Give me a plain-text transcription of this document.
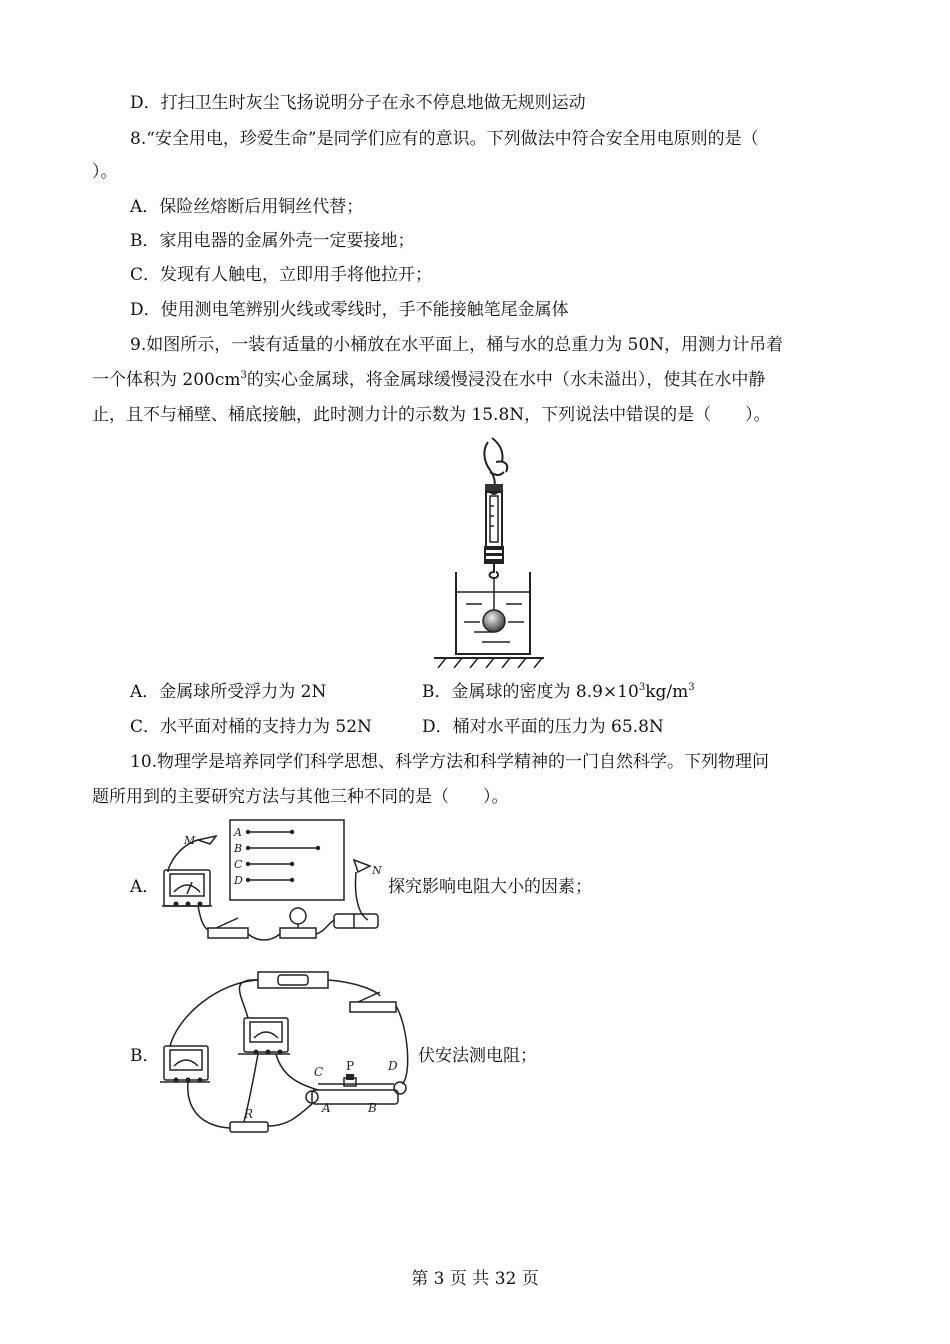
D．打扫卫生时灰尘飞扬说明分子在永不停息地做无规则运动
8.“安全用电，珍爱生命”是同学们应有的意识。下列做法中符合安全用电原则的是（
）。
A．保险丝熔断后用铜丝代替；
B．家用电器的金属外壳一定要接地；
C．发现有人触电，立即用手将他拉开；
D．使用测电笔辨别火线或零线时，手不能接触笔尾金属体
9.如图所示，一装有适量的小桶放在水平面上，桶与水的总重力为 50N，用测力计吊着
一个体积为 $200cm^3$的实心金属球，将金属球缓慢浸没在水中（水未溢出），使其在水中静
止，且不与桶壁、桶底接触，此时测力计的示数为 15.8N，下列说法中错误的是（　　）。
A．金属球所受浮力为 2N	B．金属球的密度为 $8.9\times 10^3kg/m^3$
C．水平面对桶的支持力为 52N	D．桶对水平面的压力为 65.8N
10.物理学是培养同学们科学思想、科学方法和科学精神的一门自然科学。下列物理问
题所用到的主要研究方法与其他三种不同的是（　　）。
A．
A
B
C
D
M
N
探究影响电阻大小的因素；
B．
R
C	D
A	B
P	伏安法测电阻；
第 3 页 共 32 页
